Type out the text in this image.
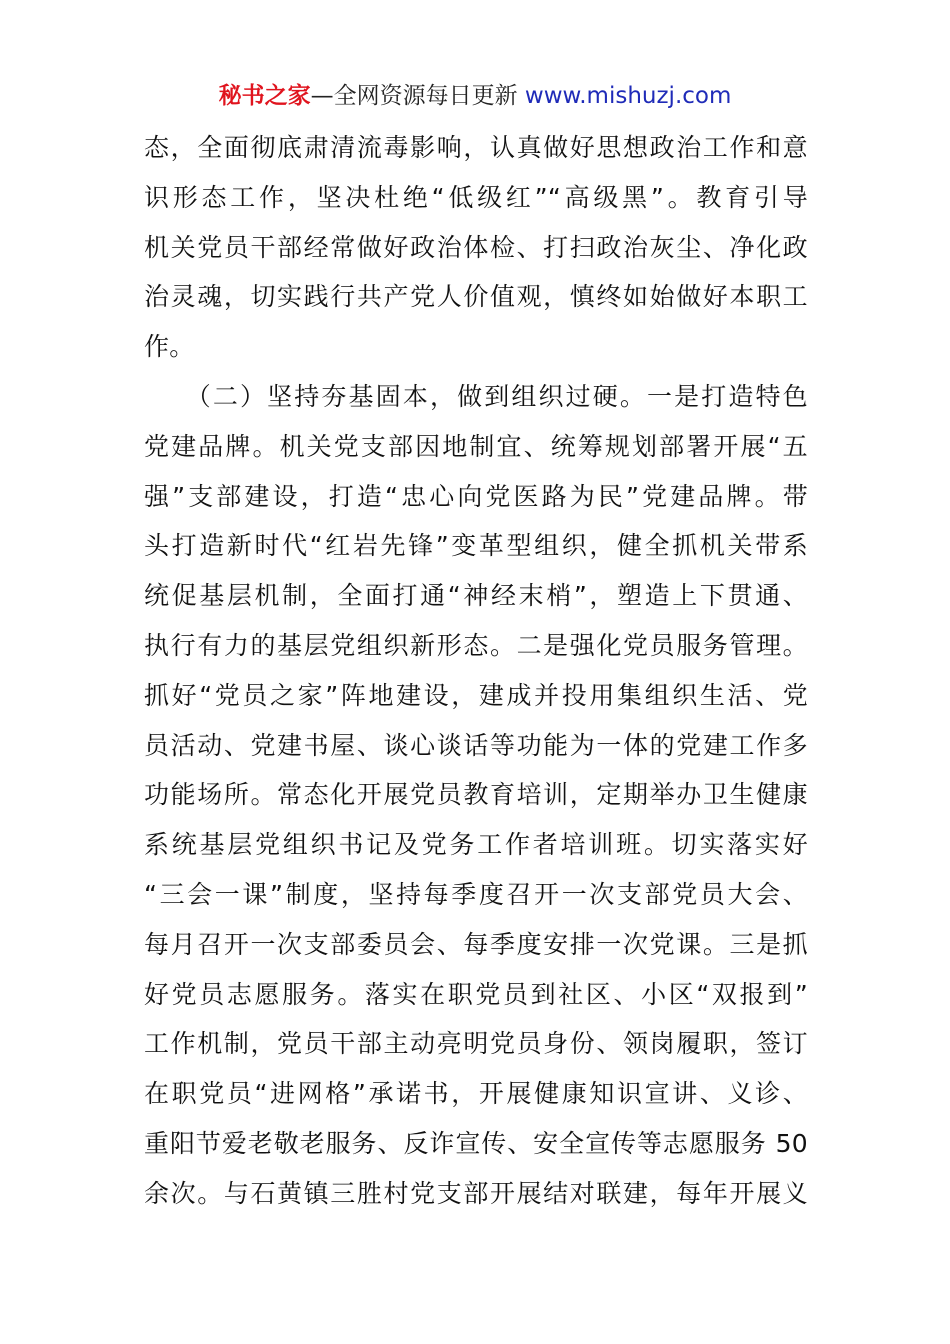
秘书之家—全网资源每日更新 www.mishuzj.com
态，全面彻底肃清流毒影响，认真做好思想政治工作和意
识形态工作，坚决杜绝“低级红”“高级黑”。教育引导
机关党员干部经常做好政治体检、打扫政治灰尘、净化政
治灵魂，切实践行共产党人价值观，慎终如始做好本职工
作。
　　（二）坚持夯基固本，做到组织过硬。一是打造特色
党建品牌。机关党支部因地制宜、统筹规划部署开展“五
强”支部建设，打造“忠心向党医路为民”党建品牌。带
头打造新时代“红岩先锋”变革型组织，健全抓机关带系
统促基层机制，全面打通“神经末梢”，塑造上下贯通、
执行有力的基层党组织新形态。二是强化党员服务管理。
抓好“党员之家”阵地建设，建成并投用集组织生活、党
员活动、党建书屋、谈心谈话等功能为一体的党建工作多
功能场所。常态化开展党员教育培训，定期举办卫生健康
系统基层党组织书记及党务工作者培训班。切实落实好
“三会一课”制度，坚持每季度召开一次支部党员大会、
每月召开一次支部委员会、每季度安排一次党课。三是抓
好党员志愿服务。落实在职党员到社区、小区“双报到”
工作机制，党员干部主动亮明党员身份、领岗履职，签订
在职党员“进网格”承诺书，开展健康知识宣讲、义诊、
重阳节爱老敬老服务、反诈宣传、安全宣传等志愿服务 50
余次。与石黄镇三胜村党支部开展结对联建，每年开展义
